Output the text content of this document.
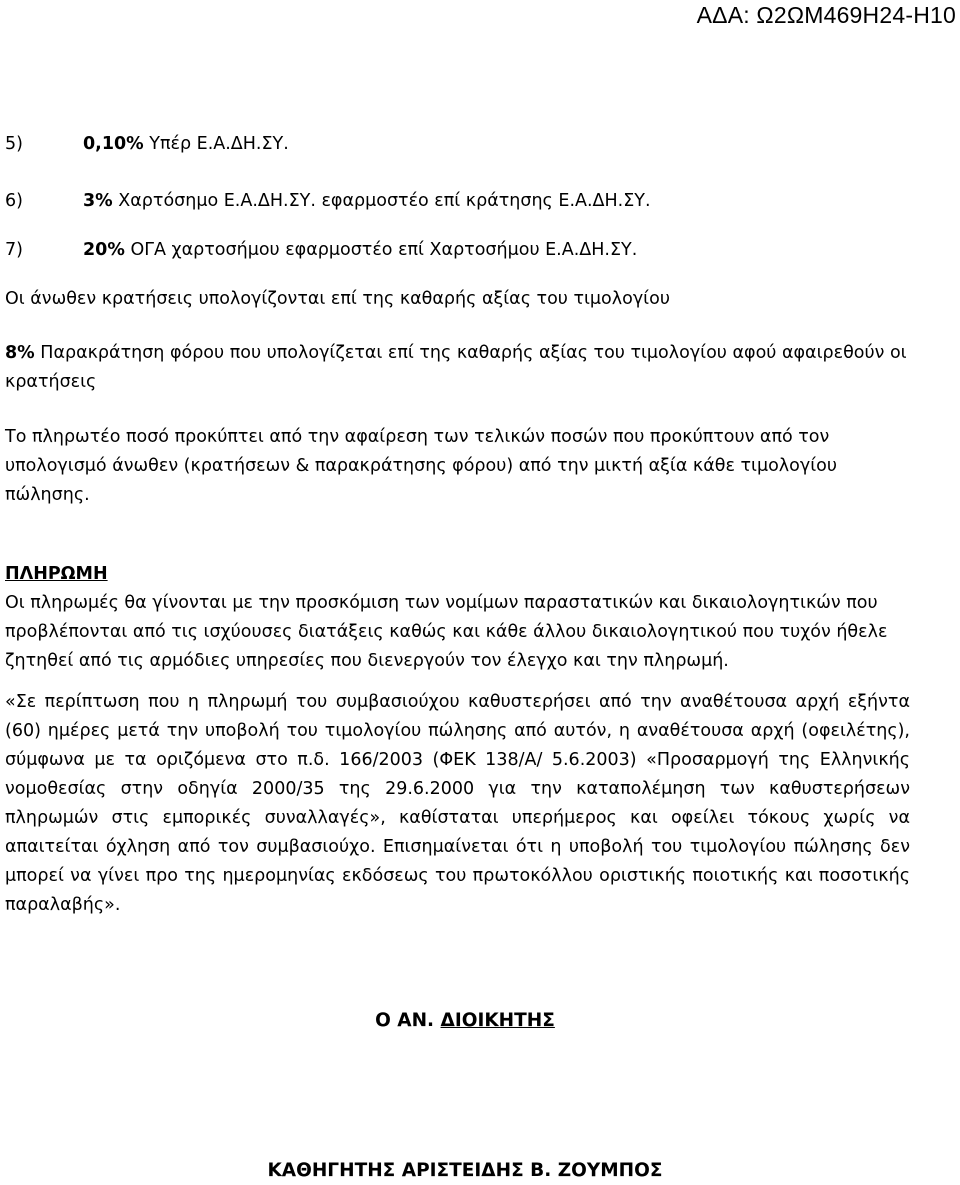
ΑΔΑ: Ω2ΩΜ469Η24-Η10
5)	0,10% Υπέρ Ε.Α.ΔΗ.ΣΥ.
6)	3% Χαρτόσημο Ε.Α.ΔΗ.ΣΥ. εφαρμοστέο επί κράτησης Ε.Α.ΔΗ.ΣΥ.
7)	20% ΟΓΑ χαρτοσήμου εφαρμοστέο επί Χαρτοσήμου Ε.Α.ΔΗ.ΣΥ.
Οι άνωθεν κρατήσεις υπολογίζονται επί της καθαρής αξίας του τιμολογίου
8% Παρακράτηση φόρου που υπολογίζεται επί της καθαρής αξίας του τιμολογίου αφού αφαιρεθούν οι κρατήσεις
Το πληρωτέο ποσό προκύπτει από την αφαίρεση των τελικών ποσών που προκύπτουν από τον υπολογισμό άνωθεν (κρατήσεων & παρακράτησης φόρου) από την μικτή αξία κάθε τιμολογίου πώλησης.
ΠΛΗΡΩΜΗ
Οι πληρωμές θα γίνονται με την προσκόμιση των νομίμων παραστατικών και δικαιολογητικών που προβλέπονται από τις ισχύουσες διατάξεις καθώς και κάθε άλλου δικαιολογητικού που τυχόν ήθελε ζητηθεί από τις αρμόδιες υπηρεσίες που διενεργούν τον έλεγχο και την πληρωμή.
«Σε περίπτωση που η πληρωμή του συμβασιούχου καθυστερήσει από την αναθέτουσα αρχή εξήντα (60) ημέρες μετά την υποβολή του τιμολογίου πώλησης από αυτόν, η αναθέτουσα αρχή (οφειλέτης), σύμφωνα με τα οριζόμενα στο π.δ. 166/2003 (ΦΕΚ 138/Α/ 5.6.2003) «Προσαρμογή της Ελληνικής νομοθεσίας στην οδηγία 2000/35 της 29.6.2000 για την καταπολέμηση των καθυστερήσεων πληρωμών στις εμπορικές συναλλαγές», καθίσταται υπερήμερος και οφείλει τόκους χωρίς να απαιτείται όχληση από τον συμβασιούχο. Επισημαίνεται ότι η υποβολή του τιμολογίου πώλησης δεν μπορεί να γίνει προ της ημερομηνίας εκδόσεως του πρωτοκόλλου οριστικής ποιοτικής και ποσοτικής παραλαβής».
Ο ΑΝ. ΔΙΟΙΚΗΤΗΣ
ΚΑΘΗΓΗΤΗΣ ΑΡΙΣΤΕΙΔΗΣ Β. ΖΟΥΜΠΟΣ
